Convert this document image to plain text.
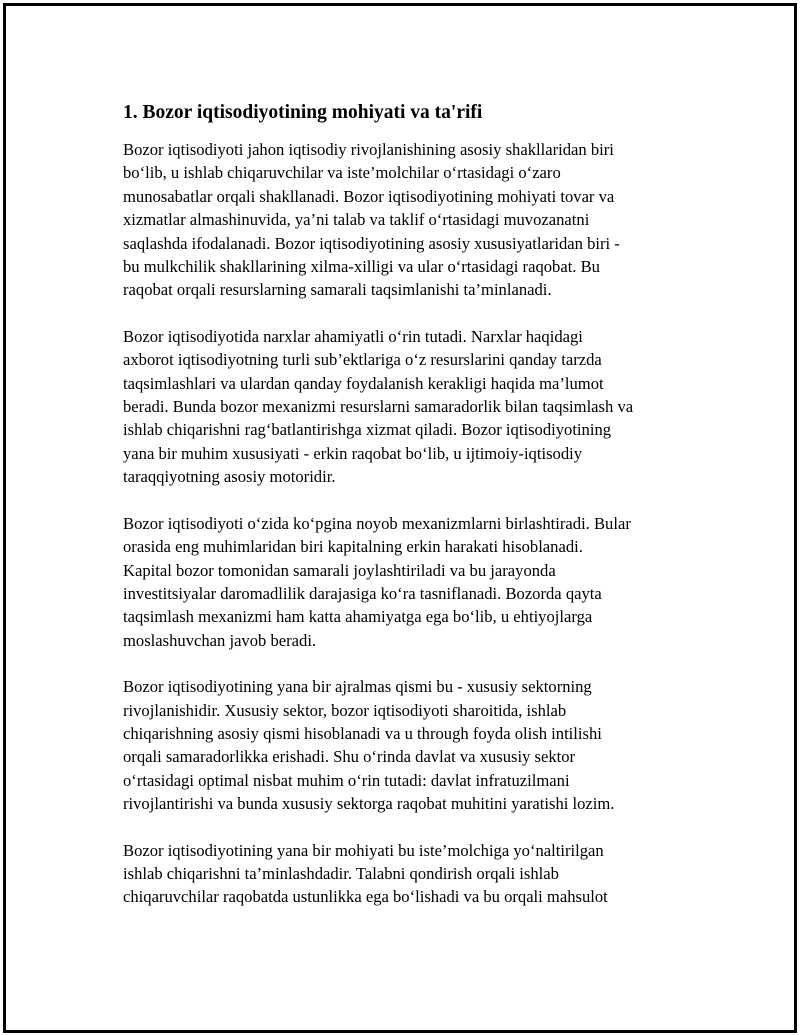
1. Bozor iqtisodiyotining mohiyati va ta'rifi
Bozor iqtisodiyoti jahon iqtisodiy rivojlanishining asosiy shakllaridan biri
bo‘lib, u ishlab chiqaruvchilar va iste’molchilar o‘rtasidagi o‘zaro
munosabatlar orqali shakllanadi. Bozor iqtisodiyotining mohiyati tovar va
xizmatlar almashinuvida, ya’ni talab va taklif o‘rtasidagi muvozanatni
saqlashda ifodalanadi. Bozor iqtisodiyotining asosiy xususiyatlaridan biri -
bu mulkchilik shakllarining xilma-xilligi va ular o‘rtasidagi raqobat. Bu
raqobat orqali resurslarning samarali taqsimlanishi ta’minlanadi.
Bozor iqtisodiyotida narxlar ahamiyatli o‘rin tutadi. Narxlar haqidagi
axborot iqtisodiyotning turli sub’ektlariga o‘z resurslarini qanday tarzda
taqsimlashlari va ulardan qanday foydalanish kerakligi haqida ma’lumot
beradi. Bunda bozor mexanizmi resurslarni samaradorlik bilan taqsimlash va
ishlab chiqarishni rag‘batlantirishga xizmat qiladi. Bozor iqtisodiyotining
yana bir muhim xususiyati - erkin raqobat bo‘lib, u ijtimoiy-iqtisodiy
taraqqiyotning asosiy motoridir.
Bozor iqtisodiyoti o‘zida ko‘pgina noyob mexanizmlarni birlashtiradi. Bular
orasida eng muhimlaridan biri kapitalning erkin harakati hisoblanadi.
Kapital bozor tomonidan samarali joylashtiriladi va bu jarayonda
investitsiyalar daromadlilik darajasiga ko‘ra tasniflanadi. Bozorda qayta
taqsimlash mexanizmi ham katta ahamiyatga ega bo‘lib, u ehtiyojlarga
moslashuvchan javob beradi.
Bozor iqtisodiyotining yana bir ajralmas qismi bu - xususiy sektorning
rivojlanishidir. Xususiy sektor, bozor iqtisodiyoti sharoitida, ishlab
chiqarishning asosiy qismi hisoblanadi va u through foyda olish intilishi
orqali samaradorlikka erishadi. Shu o‘rinda davlat va xususiy sektor
o‘rtasidagi optimal nisbat muhim o‘rin tutadi: davlat infratuzilmani
rivojlantirishi va bunda xususiy sektorga raqobat muhitini yaratishi lozim.
Bozor iqtisodiyotining yana bir mohiyati bu iste’molchiga yo‘naltirilgan
ishlab chiqarishni ta’minlashdadir. Talabni qondirish orqali ishlab
chiqaruvchilar raqobatda ustunlikka ega bo‘lishadi va bu orqali mahsulot
